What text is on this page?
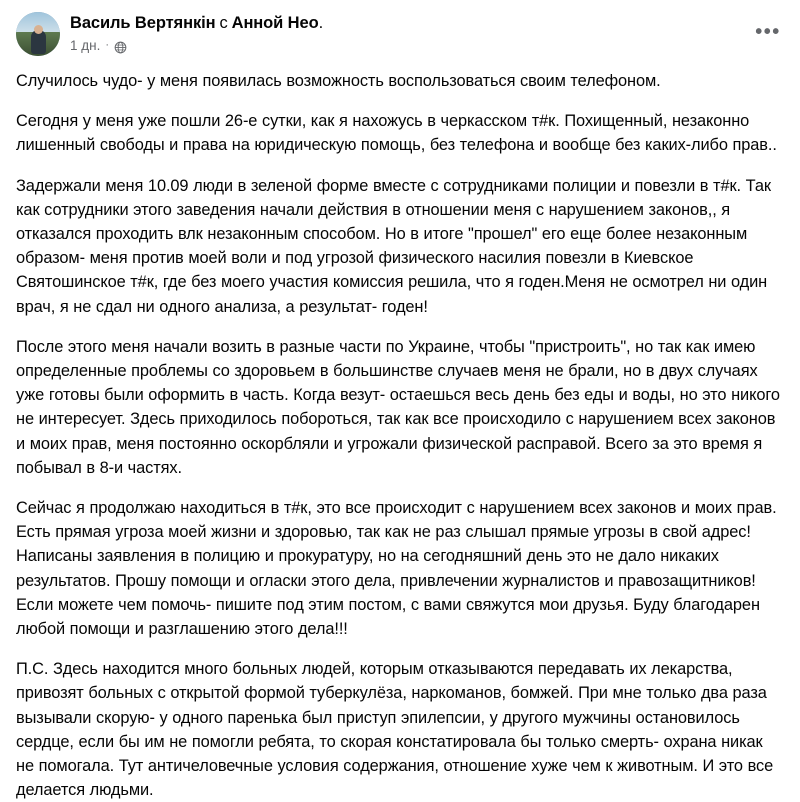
Василь Вертянкін с Анной Нео.
1 дн. ·
•••

Случилось чудо- у меня появилась возможность воспользоваться своим телефоном.

Сегодня у меня уже пошли 26-е сутки, как я нахожусь в черкасском т#к. Похищенный, незаконно лишенный свободы и права на юридическую помощь, без телефона и вообще без каких-либо прав..

Задержали меня 10.09 люди в зеленой форме вместе с сотрудниками полиции и повезли в т#к. Так как сотрудники этого заведения начали действия в отношении меня с нарушением законов,, я отказался проходить влк незаконным способом. Но в итоге "прошел" его еще более незаконным образом- меня против моей воли и под угрозой физического насилия повезли в Киевское Святошинское т#к, где без моего участия комиссия решила, что я годен.Меня не осмотрел ни один врач, я не сдал ни одного анализа, а результат- годен!

После этого меня начали возить в разные части по Украине, чтобы "пристроить", но так как имею определенные проблемы со здоровьем в большинстве случаев меня не брали, но в двух случаях уже готовы были оформить в часть. Когда везут- остаешься весь день без еды и воды, но это никого не интересует. Здесь приходилось побороться, так как все происходило с нарушением всех законов и моих прав, меня постоянно оскорбляли и угрожали физической расправой. Всего за это время я побывал в 8-и частях.

Сейчас я продолжаю находиться в т#к, это все происходит с нарушением всех законов и моих прав. Есть прямая угроза моей жизни и здоровью, так как не раз слышал прямые угрозы в свой адрес! Написаны заявления в полицию и прокуратуру, но на сегодняшний день это не дало никаких результатов. Прошу помощи и огласки этого дела, привлечении журналистов и правозащитников! Если можете чем помочь- пишите под этим постом, с вами свяжутся мои друзья. Буду благодарен любой помощи и разглашению этого дела!!!

П.С. Здесь находится много больных людей, которым отказываются передавать их лекарства, привозят больных с открытой формой туберкулёза, наркоманов, бомжей. При мне только два раза вызывали скорую- у одного паренька был приступ эпилепсии, у другого мужчины остановилось сердце, если бы им не помогли ребята, то скорая констатировала бы только смерть- охрана никак не помогала. Тут античеловечные условия содержания, отношение хуже чем к животным. И это все делается людьми.
